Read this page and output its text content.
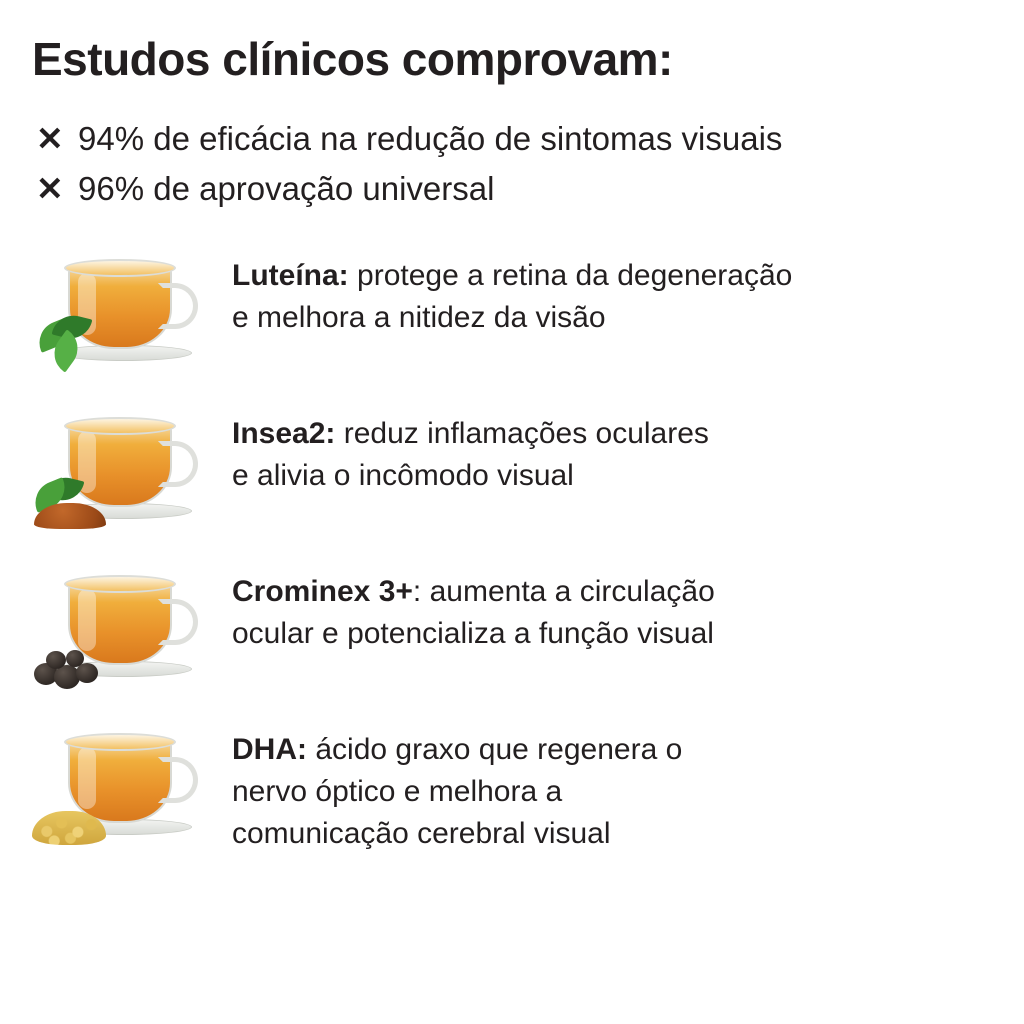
Estudos clínicos comprovam:
✕ 94% de eficácia na redução de sintomas visuais
✕ 96% de aprovação universal
Luteína: protege a retina da degeneração
e melhora a nitidez da visão
Insea2: reduz inflamações oculares
e alivia o incômodo visual
Crominex 3+: aumenta a circulação
ocular e potencializa a função visual
DHA: ácido graxo que regenera o
nervo óptico e melhora a
comunicação cerebral visual
